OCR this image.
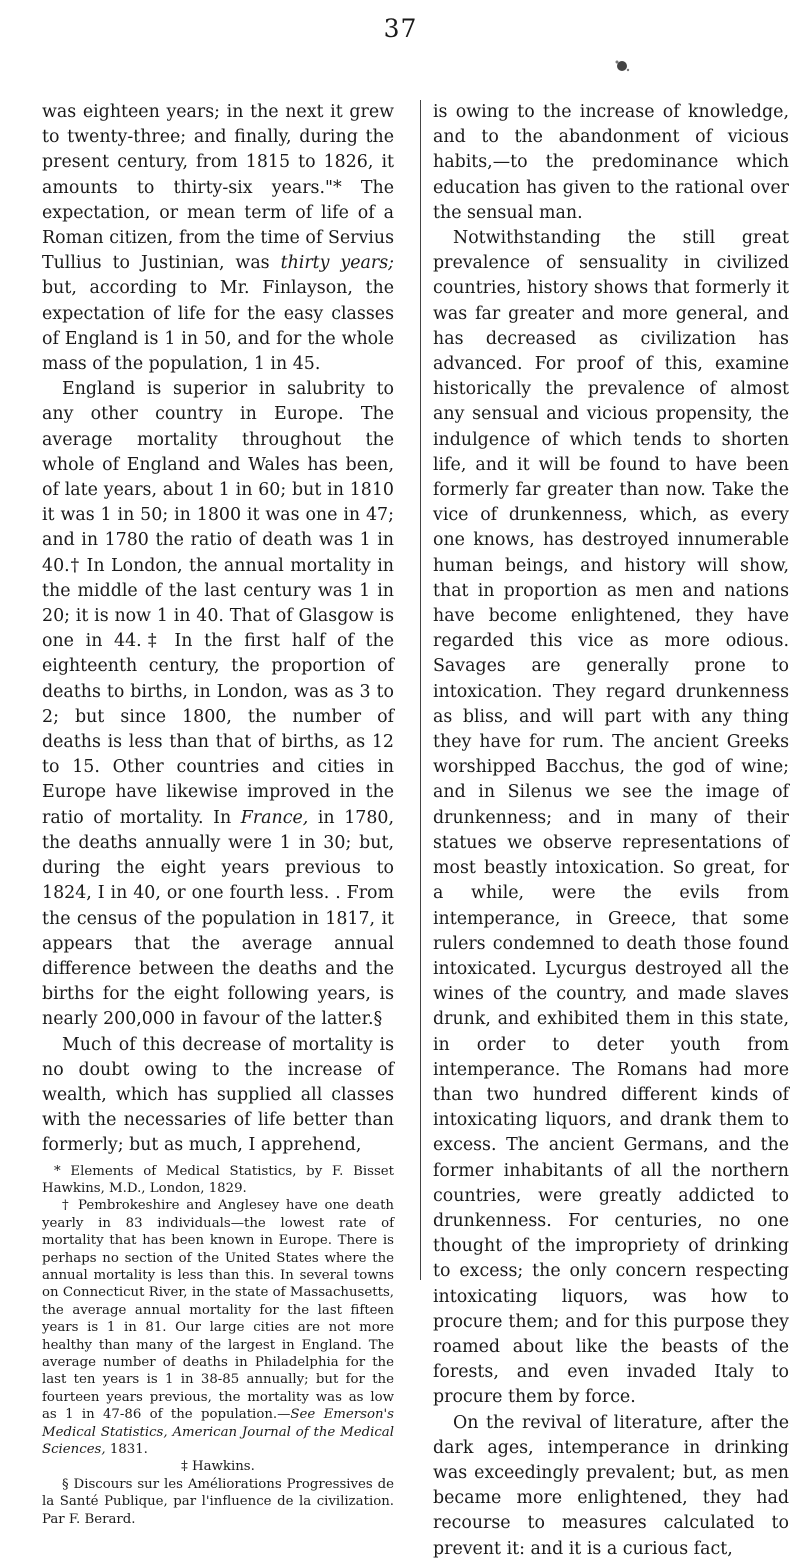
37

was eighteen years; in the next it grew to twenty-three; and finally, during the present century, from 1815 to 1826, it amounts to thirty-six years."* The expectation, or mean term of life of a Roman citizen, from the time of Servius Tullius to Justinian, was thirty years; but, according to Mr. Finlayson, the expectation of life for the easy classes of England is 1 in 50, and for the whole mass of the population, 1 in 45.

England is superior in salubrity to any other country in Europe. The average mortality throughout the whole of England and Wales has been, of late years, about 1 in 60; but in 1810 it was 1 in 50; in 1800 it was one in 47; and in 1780 the ratio of death was 1 in 40.† In London, the annual mortality in the middle of the last century was 1 in 20; it is now 1 in 40. That of Glasgow is one in 44.‡ In the first half of the eighteenth century, the proportion of deaths to births, in London, was as 3 to 2; but since 1800, the number of deaths is less than that of births, as 12 to 15. Other countries and cities in Europe have likewise improved in the ratio of mortality. In France, in 1780, the deaths annually were 1 in 30; but, during the eight years previous to 1824, I in 40, or one fourth less. . From the census of the population in 1817, it appears that the average annual difference between the deaths and the births for the eight following years, is nearly 200,000 in favour of the latter.§

Much of this decrease of mortality is no doubt owing to the increase of wealth, which has supplied all classes with the necessaries of life better than formerly; but as much, I apprehend,

* Elements of Medical Statistics, by F. Bisset Hawkins, M.D., London, 1829.

† Pembrokeshire and Anglesey have one death yearly in 83 individuals—the lowest rate of mortality that has been known in Europe. There is perhaps no section of the United States where the annual mortality is less than this. In several towns on Connecticut River, in the state of Massachusetts, the average annual mortality for the last fifteen years is 1 in 81. Our large cities are not more healthy than many of the largest in England. The average number of deaths in Philadelphia for the last ten years is 1 in 38-85 annually; but for the fourteen years previous, the mortality was as low as 1 in 47-86 of the population.—See Emerson's Medical Statistics, American Journal of the Medical Sciences, 1831.

‡ Hawkins.

§ Discours sur les Améliorations Progressives de la Santé Publique, par l'influence de la civilization. Par F. Berard.

is owing to the increase of knowledge, and to the abandonment of vicious habits,—to the predominance which education has given to the rational over the sensual man.

Notwithstanding the still great prevalence of sensuality in civilized countries, history shows that formerly it was far greater and more general, and has decreased as civilization has advanced. For proof of this, examine historically the prevalence of almost any sensual and vicious propensity, the indulgence of which tends to shorten life, and it will be found to have been formerly far greater than now. Take the vice of drunkenness, which, as every one knows, has destroyed innumerable human beings, and history will show, that in proportion as men and nations have become enlightened, they have regarded this vice as more odious. Savages are generally prone to intoxication. They regard drunkenness as bliss, and will part with any thing they have for rum. The ancient Greeks worshipped Bacchus, the god of wine; and in Silenus we see the image of drunkenness; and in many of their statues we observe representations of most beastly intoxication. So great, for a while, were the evils from intemperance, in Greece, that some rulers condemned to death those found intoxicated. Lycurgus destroyed all the wines of the country, and made slaves drunk, and exhibited them in this state, in order to deter youth from intemperance. The Romans had more than two hundred different kinds of intoxicating liquors, and drank them to excess. The ancient Germans, and the former inhabitants of all the northern countries, were greatly addicted to drunkenness. For centuries, no one thought of the impropriety of drinking to excess; the only concern respecting intoxicating liquors, was how to procure them; and for this purpose they roamed about like the beasts of the forests, and even invaded Italy to procure them by force.

On the revival of literature, after the dark ages, intemperance in drinking was exceedingly prevalent; but, as men became more enlightened, they had recourse to measures calculated to prevent it: and it is a curious fact,
